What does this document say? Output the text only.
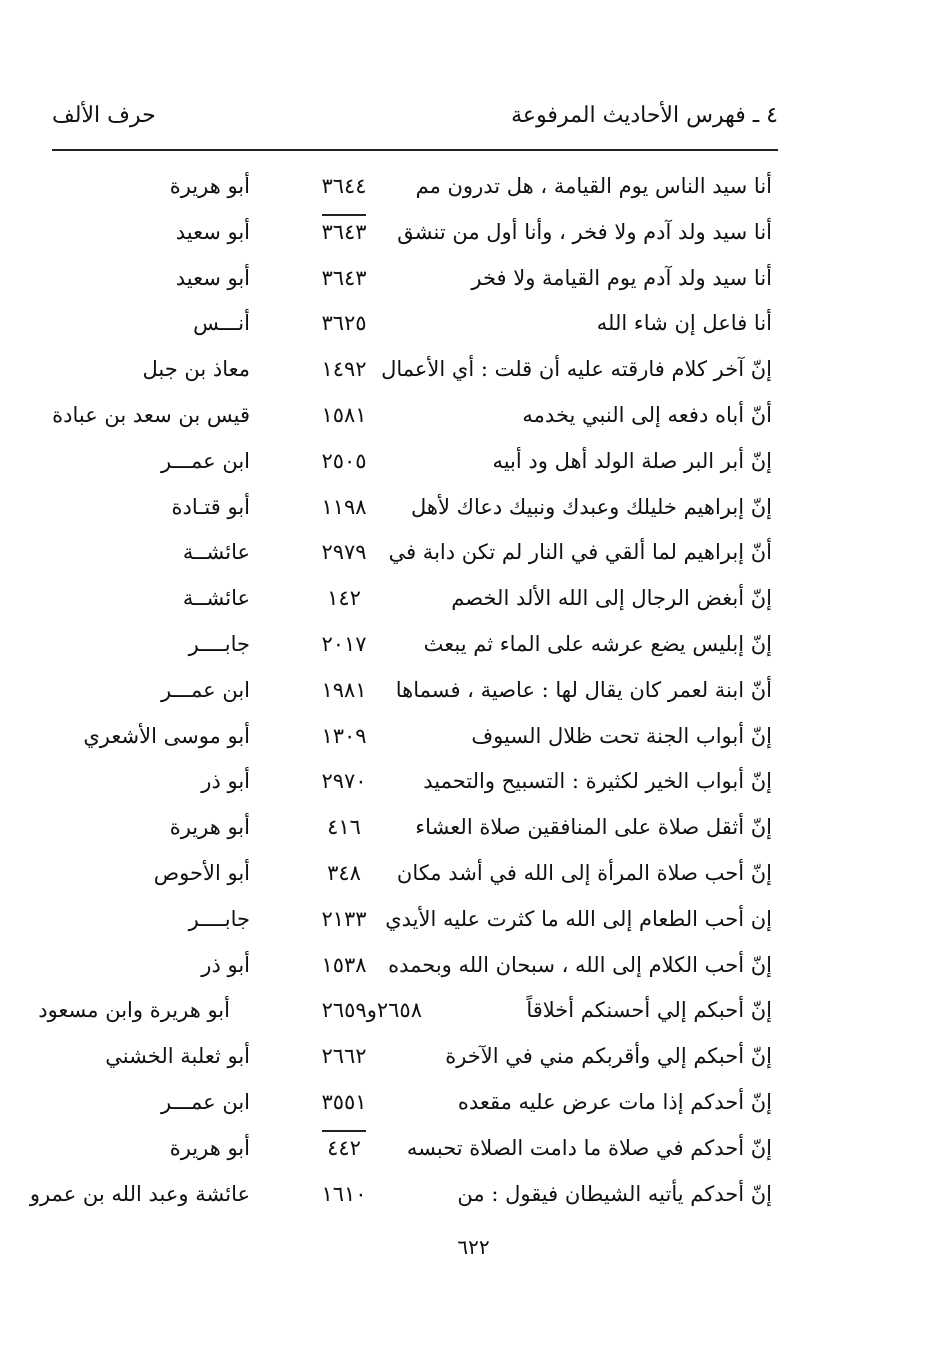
٤ ـ فهرس الأحاديث المرفوعة
حرف الألف
أنا سيد الناس يوم القيامة ، هل تدرون مم
٣٦٤٤
أبو هريرة
أنا سيد ولد آدم ولا فخر ، وأنا أول من تنشق
٣٦٤٣
أبو سعيد
أنا سيد ولد آدم يوم القيامة ولا فخر
٣٦٤٣
أبو سعيد
أنا فاعل إن شاء الله
٣٦٢٥
أنـــس
إنّ آخر كلام فارقته عليه أن قلت : أي الأعمال
١٤٩٢
معاذ بن جبل
أنّ أباه دفعه إلى النبي يخدمه
١٥٨١
قيس بن سعد بن عبادة
إنّ أبر البر صلة الولد أهل ود أبيه
٢٥٠٥
ابن عمـــر
إنّ إبراهيم خليلك وعبدك ونبيك دعاك لأهل
١١٩٨
أبو قتـادة
أنّ إبراهيم لما ألقي في النار لم تكن دابة في
٢٩٧٩
عائشــة
إنّ أبغض الرجال إلى الله الألد الخصم
١٤٢
عائشــة
إنّ إبليس يضع عرشه على الماء ثم يبعث
٢٠١٧
جابــــر
أنّ ابنة لعمر كان يقال لها : عاصية ، فسماها
١٩٨١
ابن عمـــر
إنّ أبواب الجنة تحت ظلال السيوف
١٣٠٩
أبو موسى الأشعري
إنّ أبواب الخير لكثيرة : التسبيح والتحميد
٢٩٧٠
أبو ذر
إنّ أثقل صلاة على المنافقين صلاة العشاء
٤١٦
أبو هريرة
إنّ أحب صلاة المرأة إلى الله في أشد مكان
٣٤٨
أبو الأحوص
إن أحب الطعام إلى الله ما كثرت عليه الأيدي
٢١٣٣
جابــــر
إنّ أحب الكلام إلى الله ، سبحان الله وبحمده
١٥٣٨
أبو ذر
إنّ أحبكم إلي أحسنكم أخلاقاً
٢٦٥٨و٢٦٥٩
أبو هريرة وابن مسعود
إنّ أحبكم إلي وأقربكم مني في الآخرة
٢٦٦٢
أبو ثعلبة الخشني
إنّ أحدكم إذا مات عرض عليه مقعده
٣٥٥١
ابن عمـــر
إنّ أحدكم في صلاة ما دامت الصلاة تحبسه
٤٤٢
أبو هريرة
إنّ أحدكم يأتيه الشيطان فيقول : من
١٦١٠
عائشة وعبد الله بن عمرو
٦٢٢
